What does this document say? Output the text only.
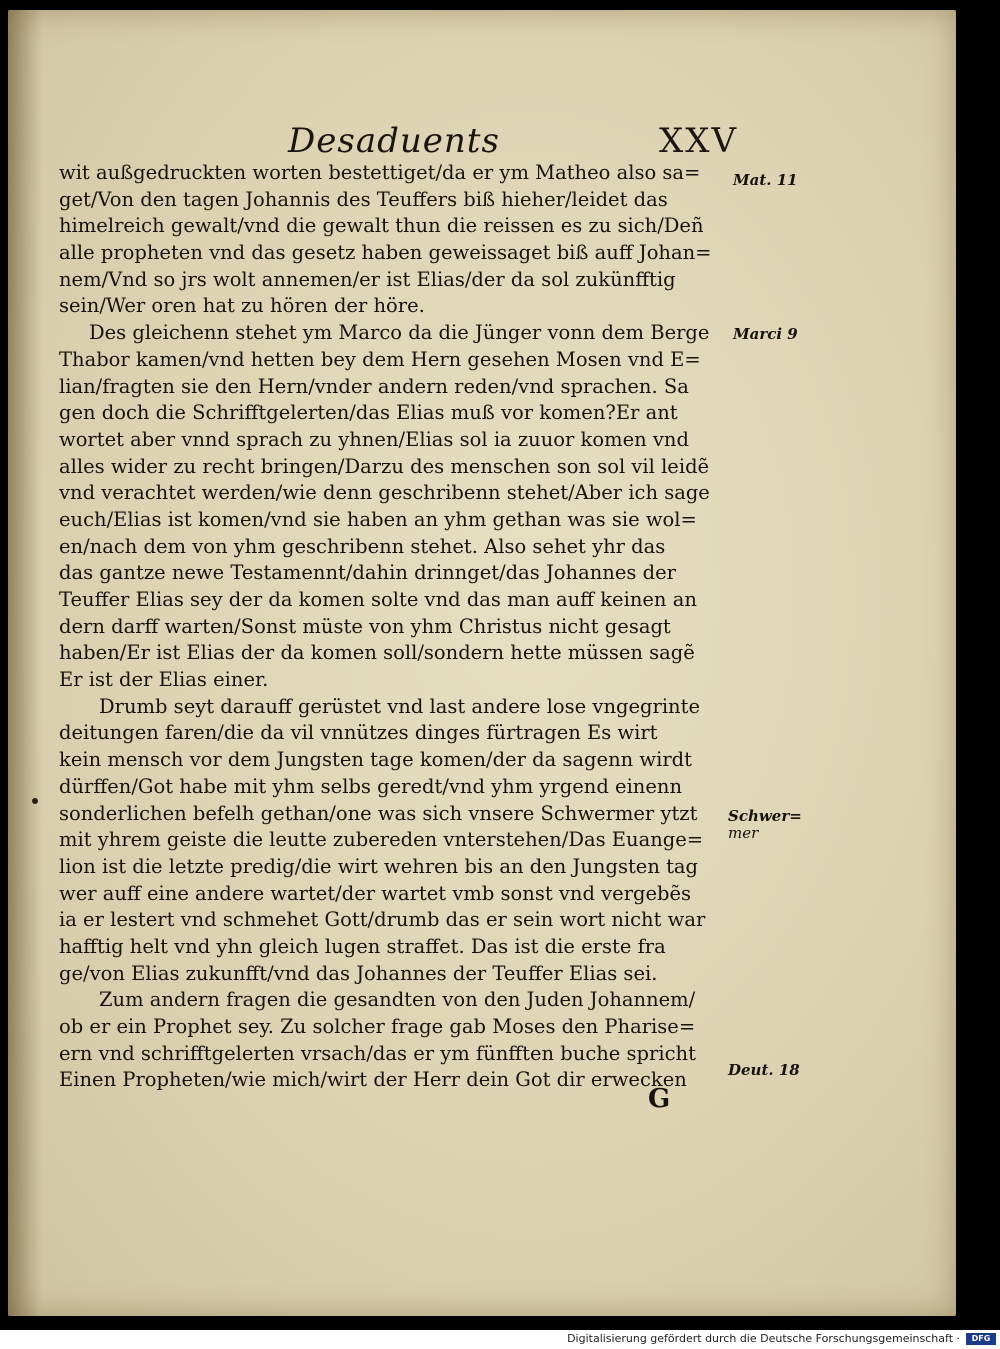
Desaduents	XXV
wit außgedruckten worten bestettiget/da er ym Matheo also sa=
get/Von den tagen Johannis des Teuffers biß hieher/leidet das
himelreich gewalt/vnd die gewalt thun die reissen es zu sich/Deñ
alle propheten vnd das gesetz haben geweissaget biß auff Johan=
nem/Vnd so jrs wolt annemen/er ist Elias/der da sol zukünfftig
sein/Wer oren hat zu hören der höre.
Des gleichenn stehet ym Marco da die Jünger vonn dem Berge
Thabor kamen/vnd hetten bey dem Hern gesehen Mosen vnd E=
lian/fragten sie den Hern/vnder andern reden/vnd sprachen. Sa
gen doch die Schrifftgelerten/das Elias muß vor komen?Er ant
wortet aber vnnd sprach zu yhnen/Elias sol ia zuuor komen vnd
alles wider zu recht bringen/Darzu des menschen son sol vil leidẽ
vnd verachtet werden/wie denn geschribenn stehet/Aber ich sage
euch/Elias ist komen/vnd sie haben an yhm gethan was sie wol=
en/nach dem von yhm geschribenn stehet. Also sehet yhr das
das gantze newe Testamennt/dahin drinnget/das Johannes der
Teuffer Elias sey der da komen solte vnd das man auff keinen an
dern darff warten/Sonst müste von yhm Christus nicht gesagt
haben/Er ist Elias der da komen soll/sondern hette müssen sagẽ
Er ist der Elias einer.
Drumb seyt darauff gerüstet vnd last andere lose vngegrinte
deitungen faren/die da vil vnnützes dinges fürtragen Es wirt
kein mensch vor dem Jungsten tage komen/der da sagenn wirdt
dürffen/Got habe mit yhm selbs geredt/vnd yhm yrgend einenn
sonderlichen befelh gethan/one was sich vnsere Schwermer ytzt
mit yhrem geiste die leutte zubereden vnterstehen/Das Euange=
lion ist die letzte predig/die wirt wehren bis an den Jungsten tag
wer auff eine andere wartet/der wartet vmb sonst vnd vergebẽs
ia er lestert vnd schmehet Gott/drumb das er sein wort nicht war
hafftig helt vnd yhn gleich lugen straffet. Das ist die erste fra
ge/von Elias zukunfft/vnd das Johannes der Teuffer Elias sei.
Zum andern fragen die gesandten von den Juden Johannem/
ob er ein Prophet sey. Zu solcher frage gab Moses den Pharise=
ern vnd schrifftgelerten vrsach/das er ym fünfften buche spricht
Einen Propheten/wie mich/wirt der Herr dein Got dir erwecken
Mat. 11
Marci 9
Schwer=
mer
Deut. 18
G
Digitalisierung gefördert durch die Deutsche Forschungsgemeinschaft ·	DFG
